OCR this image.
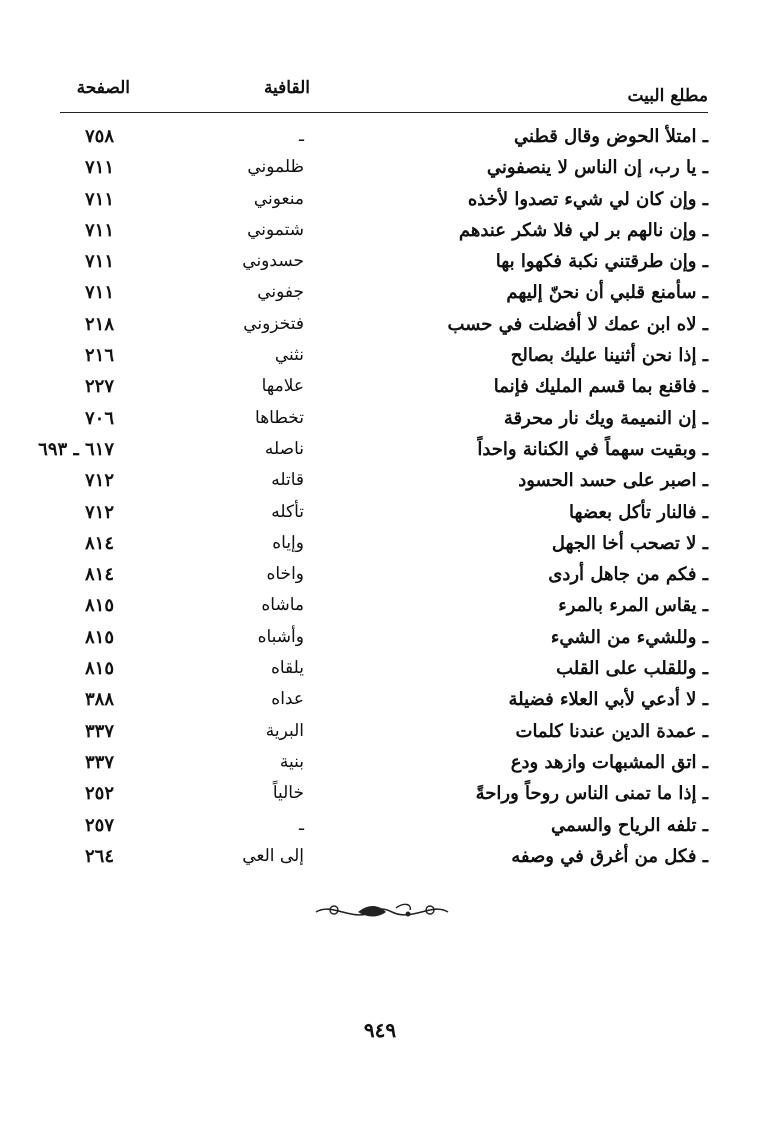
مطلع البيت
القافية
الصفحة
ـ امتلأ الحوض وقال قطني
ـ
٧٥٨
ـ يا رب، إن الناس لا ينصفوني
ظلموني
٧١١
ـ وإن كان لي شيء تصدوا لأخذه
منعوني
٧١١
ـ وإن نالهم بر لي فلا شكر عندهم
شتموني
٧١١
ـ وإن طرقتني نكبة فكهوا بها
حسدوني
٧١١
ـ سأمنع قلبي أن نحنّ إليهم
جفوني
٧١١
ـ لاه ابن عمك لا أفضلت في حسب
فتخزوني
٢١٨
ـ إذا نحن أثنينا عليك بصالح
نثني
٢١٦
ـ فاقنع بما قسم المليك فإنما
علامها
٢٢٧
ـ إن النميمة ويك نار محرقة
تخطاها
٧٠٦
ـ وبقيت سهماً في الكنانة واحداً
ناصله
٦١٧ ـ ٦٩٣
ـ اصبر على حسد الحسود
قاتله
٧١٢
ـ فالنار تأكل بعضها
تأكله
٧١٢
ـ لا تصحب أخا الجهل
وإياه
٨١٤
ـ فكم من جاهل أردى
واخاه
٨١٤
ـ يقاس المرء بالمرء
ماشاه
٨١٥
ـ وللشيء من الشيء
وأشباه
٨١٥
ـ وللقلب على القلب
يلقاه
٨١٥
ـ لا أدعي لأبي العلاء فضيلة
عداه
٣٨٨
ـ عمدة الدين عندنا كلمات
البرية
٣٣٧
ـ اتق المشبهات وازهد ودع
بنية
٣٣٧
ـ إذا ما تمنى الناس روحاً وراحةً
خالياً
٢٥٢
ـ تلفه الرياح والسمي
ـ
٢٥٧
ـ فكل من أغرق في وصفه
إلى العي
٢٦٤
٩٤٩
